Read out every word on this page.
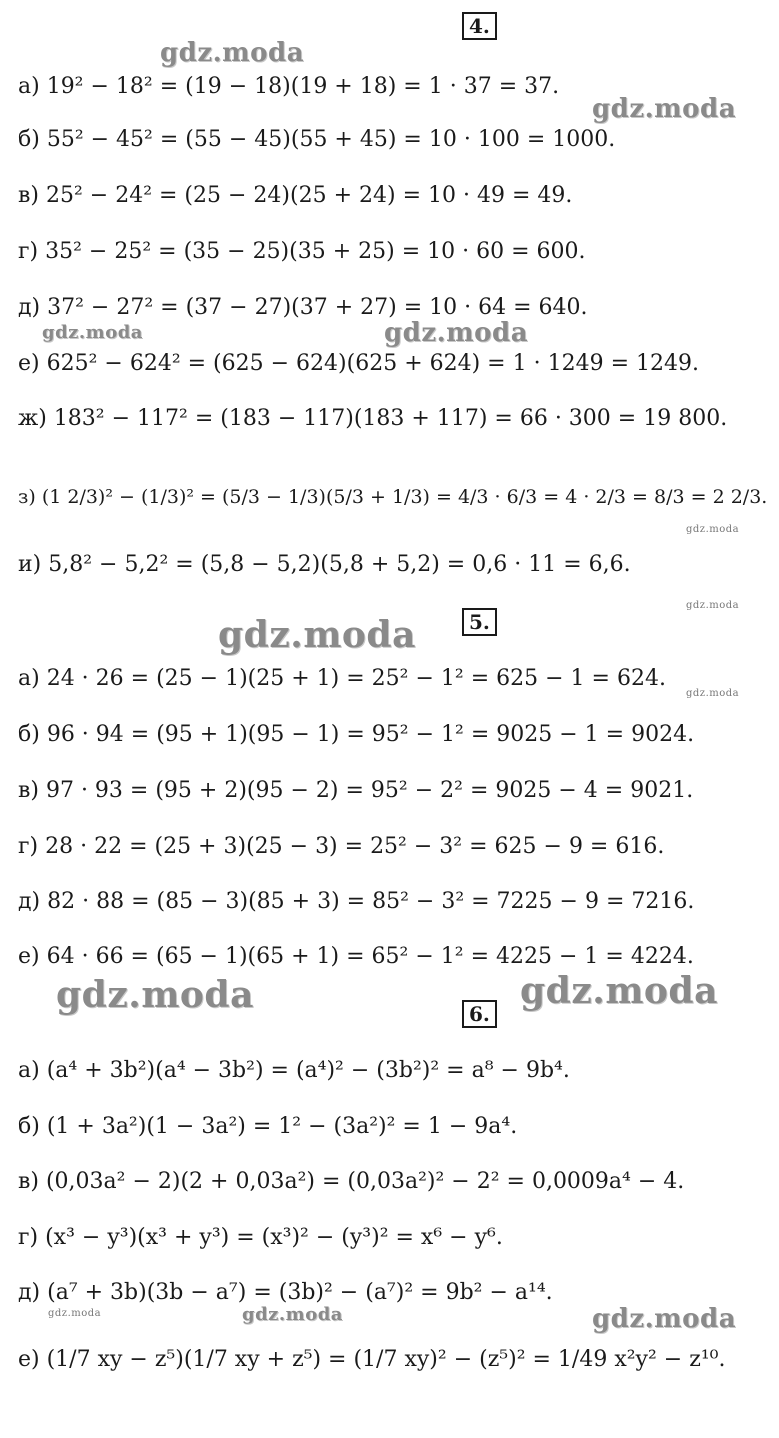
4.
5.
6.
а) 19² − 18² = (19 − 18)(19 + 18) = 1 · 37 = 37.
б) 55² − 45² = (55 − 45)(55 + 45) = 10 · 100 = 1000.
в) 25² − 24² = (25 − 24)(25 + 24) = 10 · 49 = 49.
г) 35² − 25² = (35 − 25)(35 + 25) = 10 · 60 = 600.
д) 37² − 27² = (37 − 27)(37 + 27) = 10 · 64 = 640.
е) 625² − 624² = (625 − 624)(625 + 624) = 1 · 1249 = 1249.
ж) 183² − 117² = (183 − 117)(183 + 117) = 66 · 300 = 19 800.
з) (1 2/3)² − (1/3)² = (5/3 − 1/3)(5/3 + 1/3) = 4/3 · 6/3 = 4 · 2/3 = 8/3 = 2 2/3.
и) 5,8² − 5,2² = (5,8 − 5,2)(5,8 + 5,2) = 0,6 · 11 = 6,6.
а) 24 · 26 = (25 − 1)(25 + 1) = 25² − 1² = 625 − 1 = 624.
б) 96 · 94 = (95 + 1)(95 − 1) = 95² − 1² = 9025 − 1 = 9024.
в) 97 · 93 = (95 + 2)(95 − 2) = 95² − 2² = 9025 − 4 = 9021.
г) 28 · 22 = (25 + 3)(25 − 3) = 25² − 3² = 625 − 9 = 616.
д) 82 · 88 = (85 − 3)(85 + 3) = 85² − 3² = 7225 − 9 = 7216.
е) 64 · 66 = (65 − 1)(65 + 1) = 65² − 1² = 4225 − 1 = 4224.
а) (a⁴ + 3b²)(a⁴ − 3b²) = (a⁴)² − (3b²)² = a⁸ − 9b⁴.
б) (1 + 3a²)(1 − 3a²) = 1² − (3a²)² = 1 − 9a⁴.
в) (0,03a² − 2)(2 + 0,03a²) = (0,03a²)² − 2² = 0,0009a⁴ − 4.
г) (x³ − y³)(x³ + y³) = (x³)² − (y³)² = x⁶ − y⁶.
д) (a⁷ + 3b)(3b − a⁷) = (3b)² − (a⁷)² = 9b² − a¹⁴.
е) (1/7 xy − z⁵)(1/7 xy + z⁵) = (1/7 xy)² − (z⁵)² = 1/49 x²y² − z¹⁰.
gdz.moda
gdz.moda
gdz.moda	gdz.moda
gdz.moda
gdz.moda
gdz.moda
gdz.moda
gdz.moda	gdz.moda
gdz.moda	gdz.moda	gdz.moda
